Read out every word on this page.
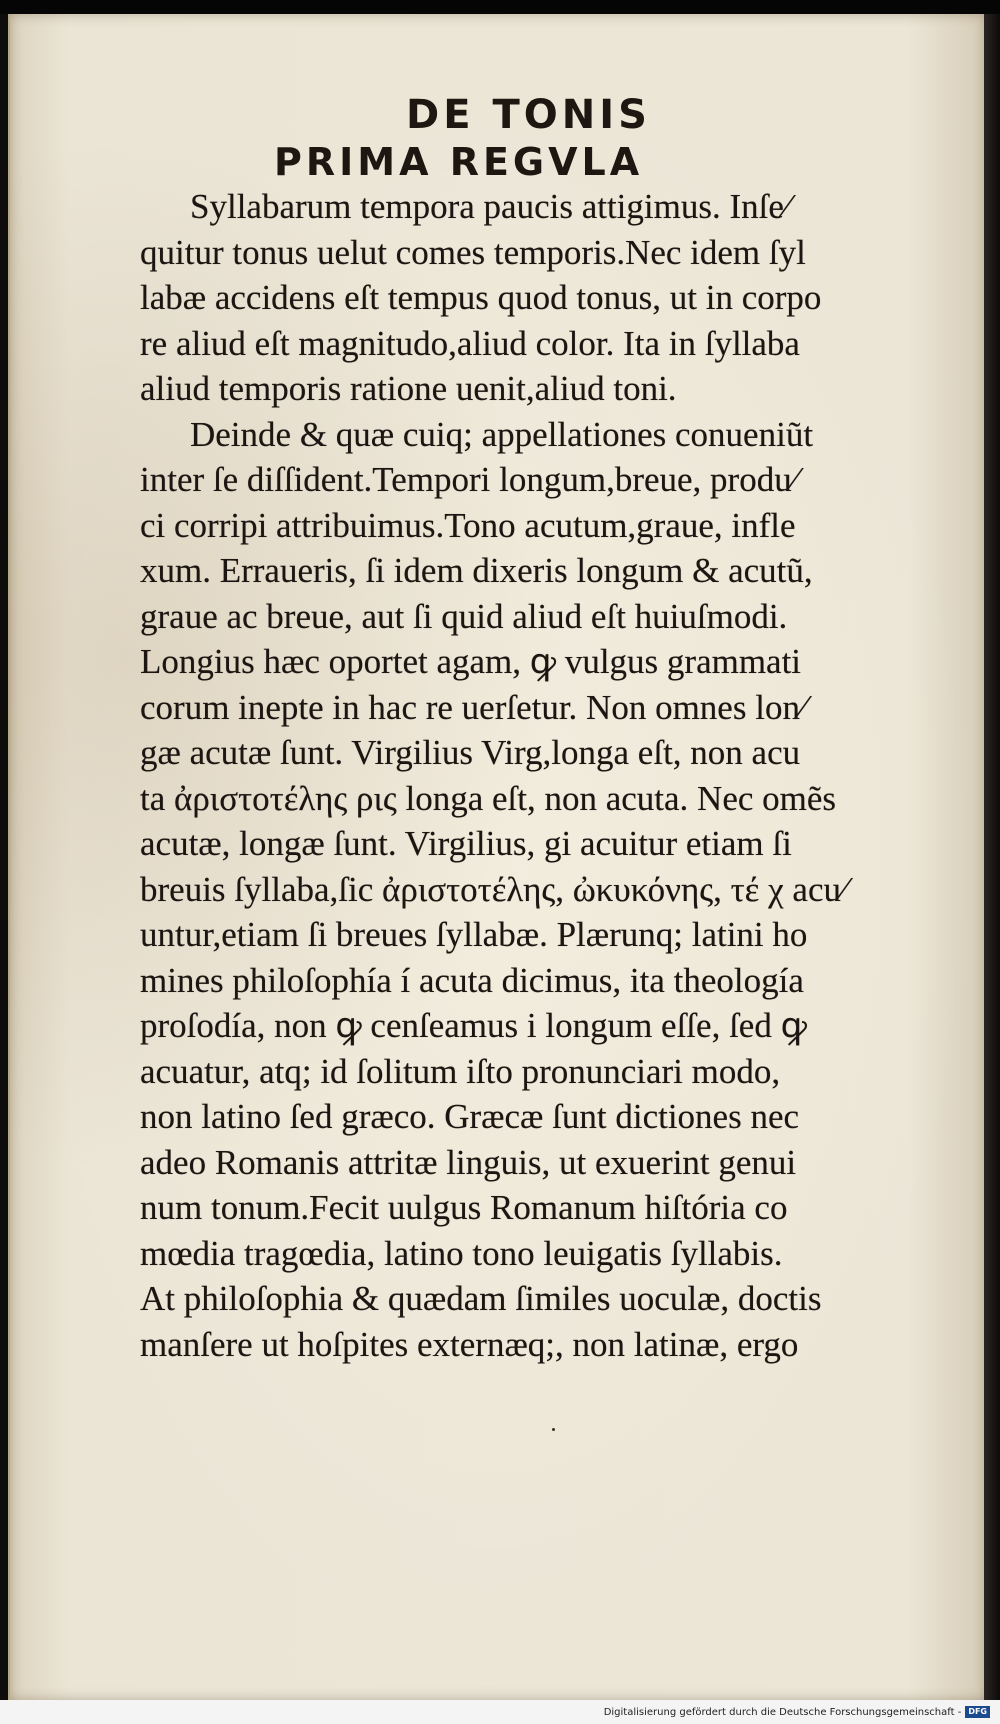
DE TONIS
PRIMA REGVLA
Syllabarum tempora paucis attigimus. Inſe⁄
quitur tonus uelut comes temporis.Nec idem ſyl
labæ accidens eſt tempus quod tonus, ut in corpo
re aliud eſt magnitudo,aliud color. Ita in ſyllaba
aliud temporis ratione uenit,aliud toni.
Deinde & quæ cuiq; appellationes conueniũt
inter ſe diſſident.Tempori longum,breue, produ⁄
ci corripi attribuimus.Tono acutum,graue, infle
xum. Erraueris, ſi idem dixeris longum & acutũ,
graue ac breue, aut ſi quid aliud eſt huiuſmodi.
Longius hæc oportet agam, ꝙ vulgus grammati
corum inepte in hac re uerſetur. Non omnes lon⁄
gæ acutæ ſunt. Virgilius Virg,longa eſt, non acu
ta ἀριστοτέλης ρις longa eſt, non acuta. Nec omẽs
acutæ, longæ ſunt. Virgilius, gi acuitur etiam ſi
breuis ſyllaba,ſic ἀριστοτέλης, ὠκυκόνης, τέ χ acu⁄
untur,etiam ſi breues ſyllabæ. Plærunq; latini ho
mines philoſophía í acuta dicimus, ita theología
proſodía, non ꝙ cenſeamus i longum eſſe, ſed ꝙ
acuatur, atq; id ſolitum iſto pronunciari modo,
non latino ſed græco. Græcæ ſunt dictiones nec
adeo Romanis attritæ linguis, ut exuerint genui
num tonum.Fecit uulgus Romanum hiſtória co
mœdia tragœdia, latino tono leuigatis ſyllabis.
At philoſophia & quædam ſimiles uoculæ, doctis
manſere ut hoſpites externæq;, non latinæ, ergo
Digitalisierung gefördert durch die Deutsche Forschungsgemeinschaft - DFG
